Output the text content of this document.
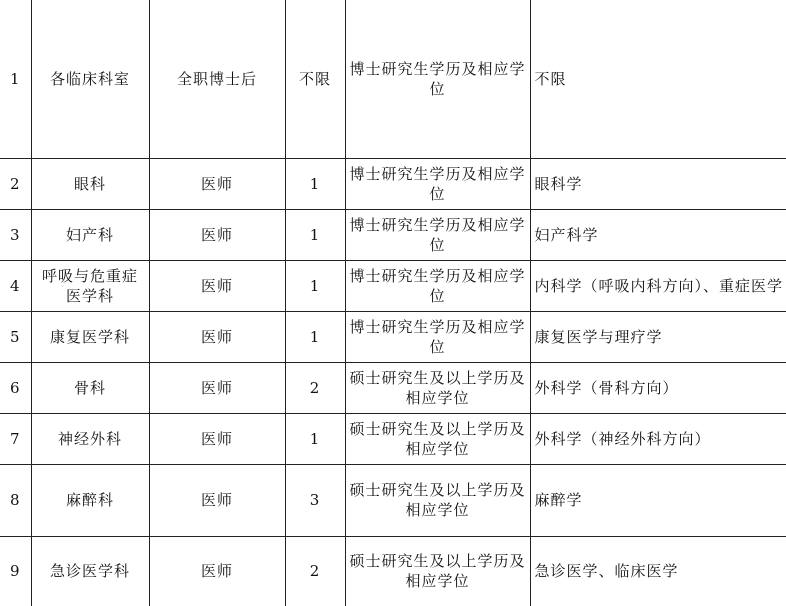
1	各临床科室	全职博士后	不限	博士研究生学历及相应学位	不限
2	眼科	医师	1	博士研究生学历及相应学位	眼科学
3	妇产科	医师	1	博士研究生学历及相应学位	妇产科学
4	呼吸与危重症医学科	医师	1	博士研究生学历及相应学位	内科学（呼吸内科方向）、重症医学
5	康复医学科	医师	1	博士研究生学历及相应学位	康复医学与理疗学
6	骨科	医师	2	硕士研究生及以上学历及相应学位	外科学（骨科方向）
7	神经外科	医师	1	硕士研究生及以上学历及相应学位	外科学（神经外科方向）
8	麻醉科	医师	3	硕士研究生及以上学历及相应学位	麻醉学
9	急诊医学科	医师	2	硕士研究生及以上学历及相应学位	急诊医学、临床医学
